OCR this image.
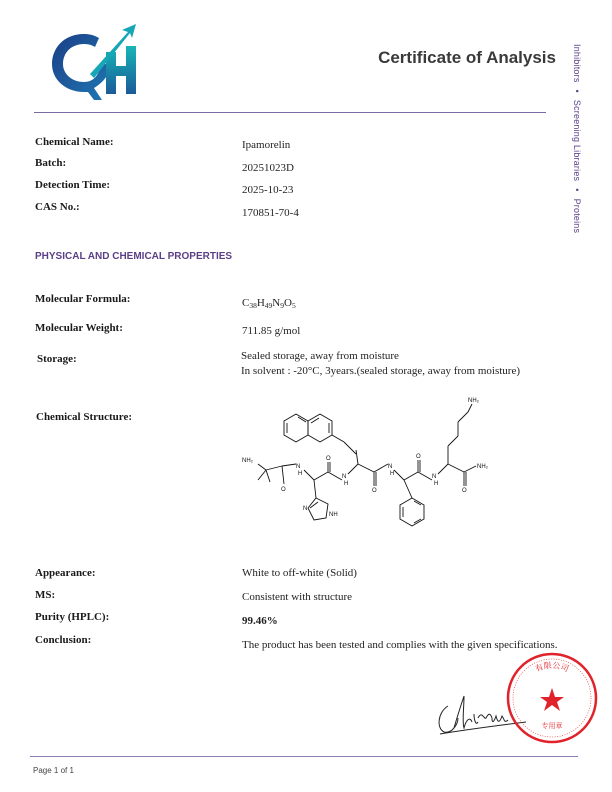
Certificate of Analysis Inhibitors•Screening Libraries•Proteins
Chemical Name:	Ipamorelin
Batch:	20251023D
Detection Time:	2025-10-23
CAS No.:	170851-70-4
PHYSICAL AND CHEMICAL PROPERTIES
Molecular Formula:	C38H49N9O5
Molecular Weight:	711.85 g/mol
Storage:	Sealed storage, away from moisture
In solvent : -20°C, 3years.(sealed storage, away from moisture)
Chemical Structure:
NH₂
N
H	N
H
N
H	N
H
O
O
O
O
O
NH
N
NH₂
NH₂
Appearance:	White to off-white (Solid)
MS:	Consistent with structure
Purity (HPLC):	99.46%
Conclusion:	The product has been tested and complies with the given specifications.
有限公司
专用章
Page 1 of 1
